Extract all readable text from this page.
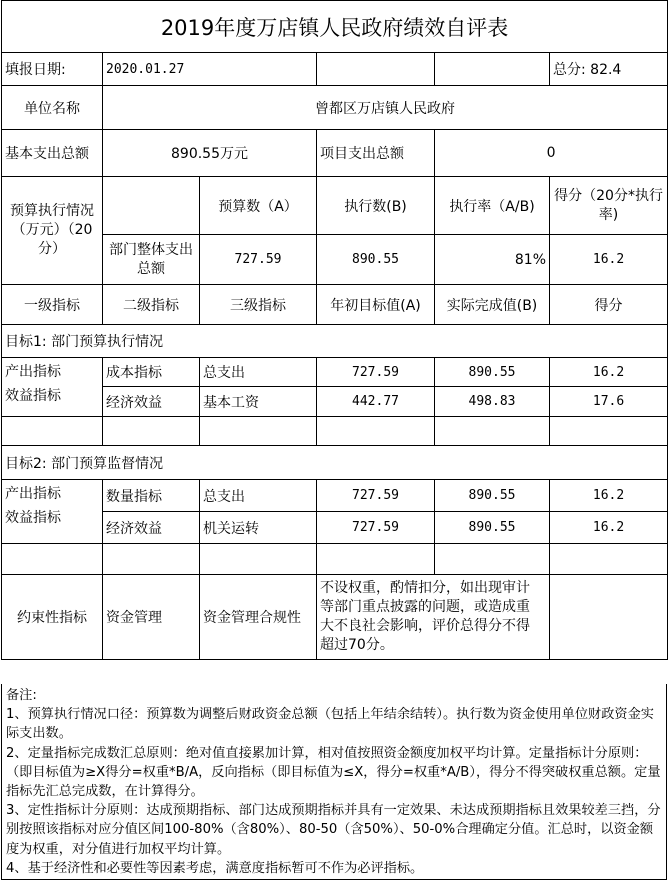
2019年度万店镇人民政府绩效自评表					
填报日期:	2020.01.27				总分: 82.4
单位名称	曾都区万店镇人民政府				
基本支出总额	890.55万元		项目支出总额	0	
预算执行情况（万元）（20分）		预算数（A）	执行数(B)	执行率（A/B)	得分（20分*执行率)
	部门整体支出总额	727.59	890.55	81%	16.2
一级指标	二级指标	三级指标	年初目标值(A)	实际完成值(B)	得分
目标1: 部门预算执行情况					

产出指标
效益指标	成本指标	总支出	727.59	890.55	16.2
	经济效益	基本工资	442.77	498.83	17.6

目标2: 部门预算监督情况					

产出指标
效益指标	数量指标	总支出	727.59	890.55	16.2
	经济效益	机关运转	727.59	890.55	16.2

约束性指标	资金管理	资金管理合规性	不设权重，酌情扣分，如出现审计等部门重点披露的问题，或造成重大不良社会影响，评价总得分不得超过70分。		

备注:

1、预算执行情况口径：预算数为调整后财政资金总额（包括上年结余结转）。执行数为资金使用单位财政资金实际支出数。

2、定量指标完成数汇总原则：绝对值直接累加计算，相对值按照资金额度加权平均计算。定量指标计分原则：（即目标值为≥X得分=权重*B/A，反向指标（即目标值为≤X，得分=权重*A/B），得分不得突破权重总额。定量指标先汇总完成数，在计算得分。

3、定性指标计分原则：达成预期指标、部门达成预期指标并具有一定效果、未达成预期指标且效果较差三挡，分别按照该指标对应分值区间100-80%（含80%）、80-50（含50%）、50-0%合理确定分值。汇总时，以资金额度为权重，对分值进行加权平均计算。

4、基于经济性和必要性等因素考虑，满意度指标暂可不作为必评指标。
